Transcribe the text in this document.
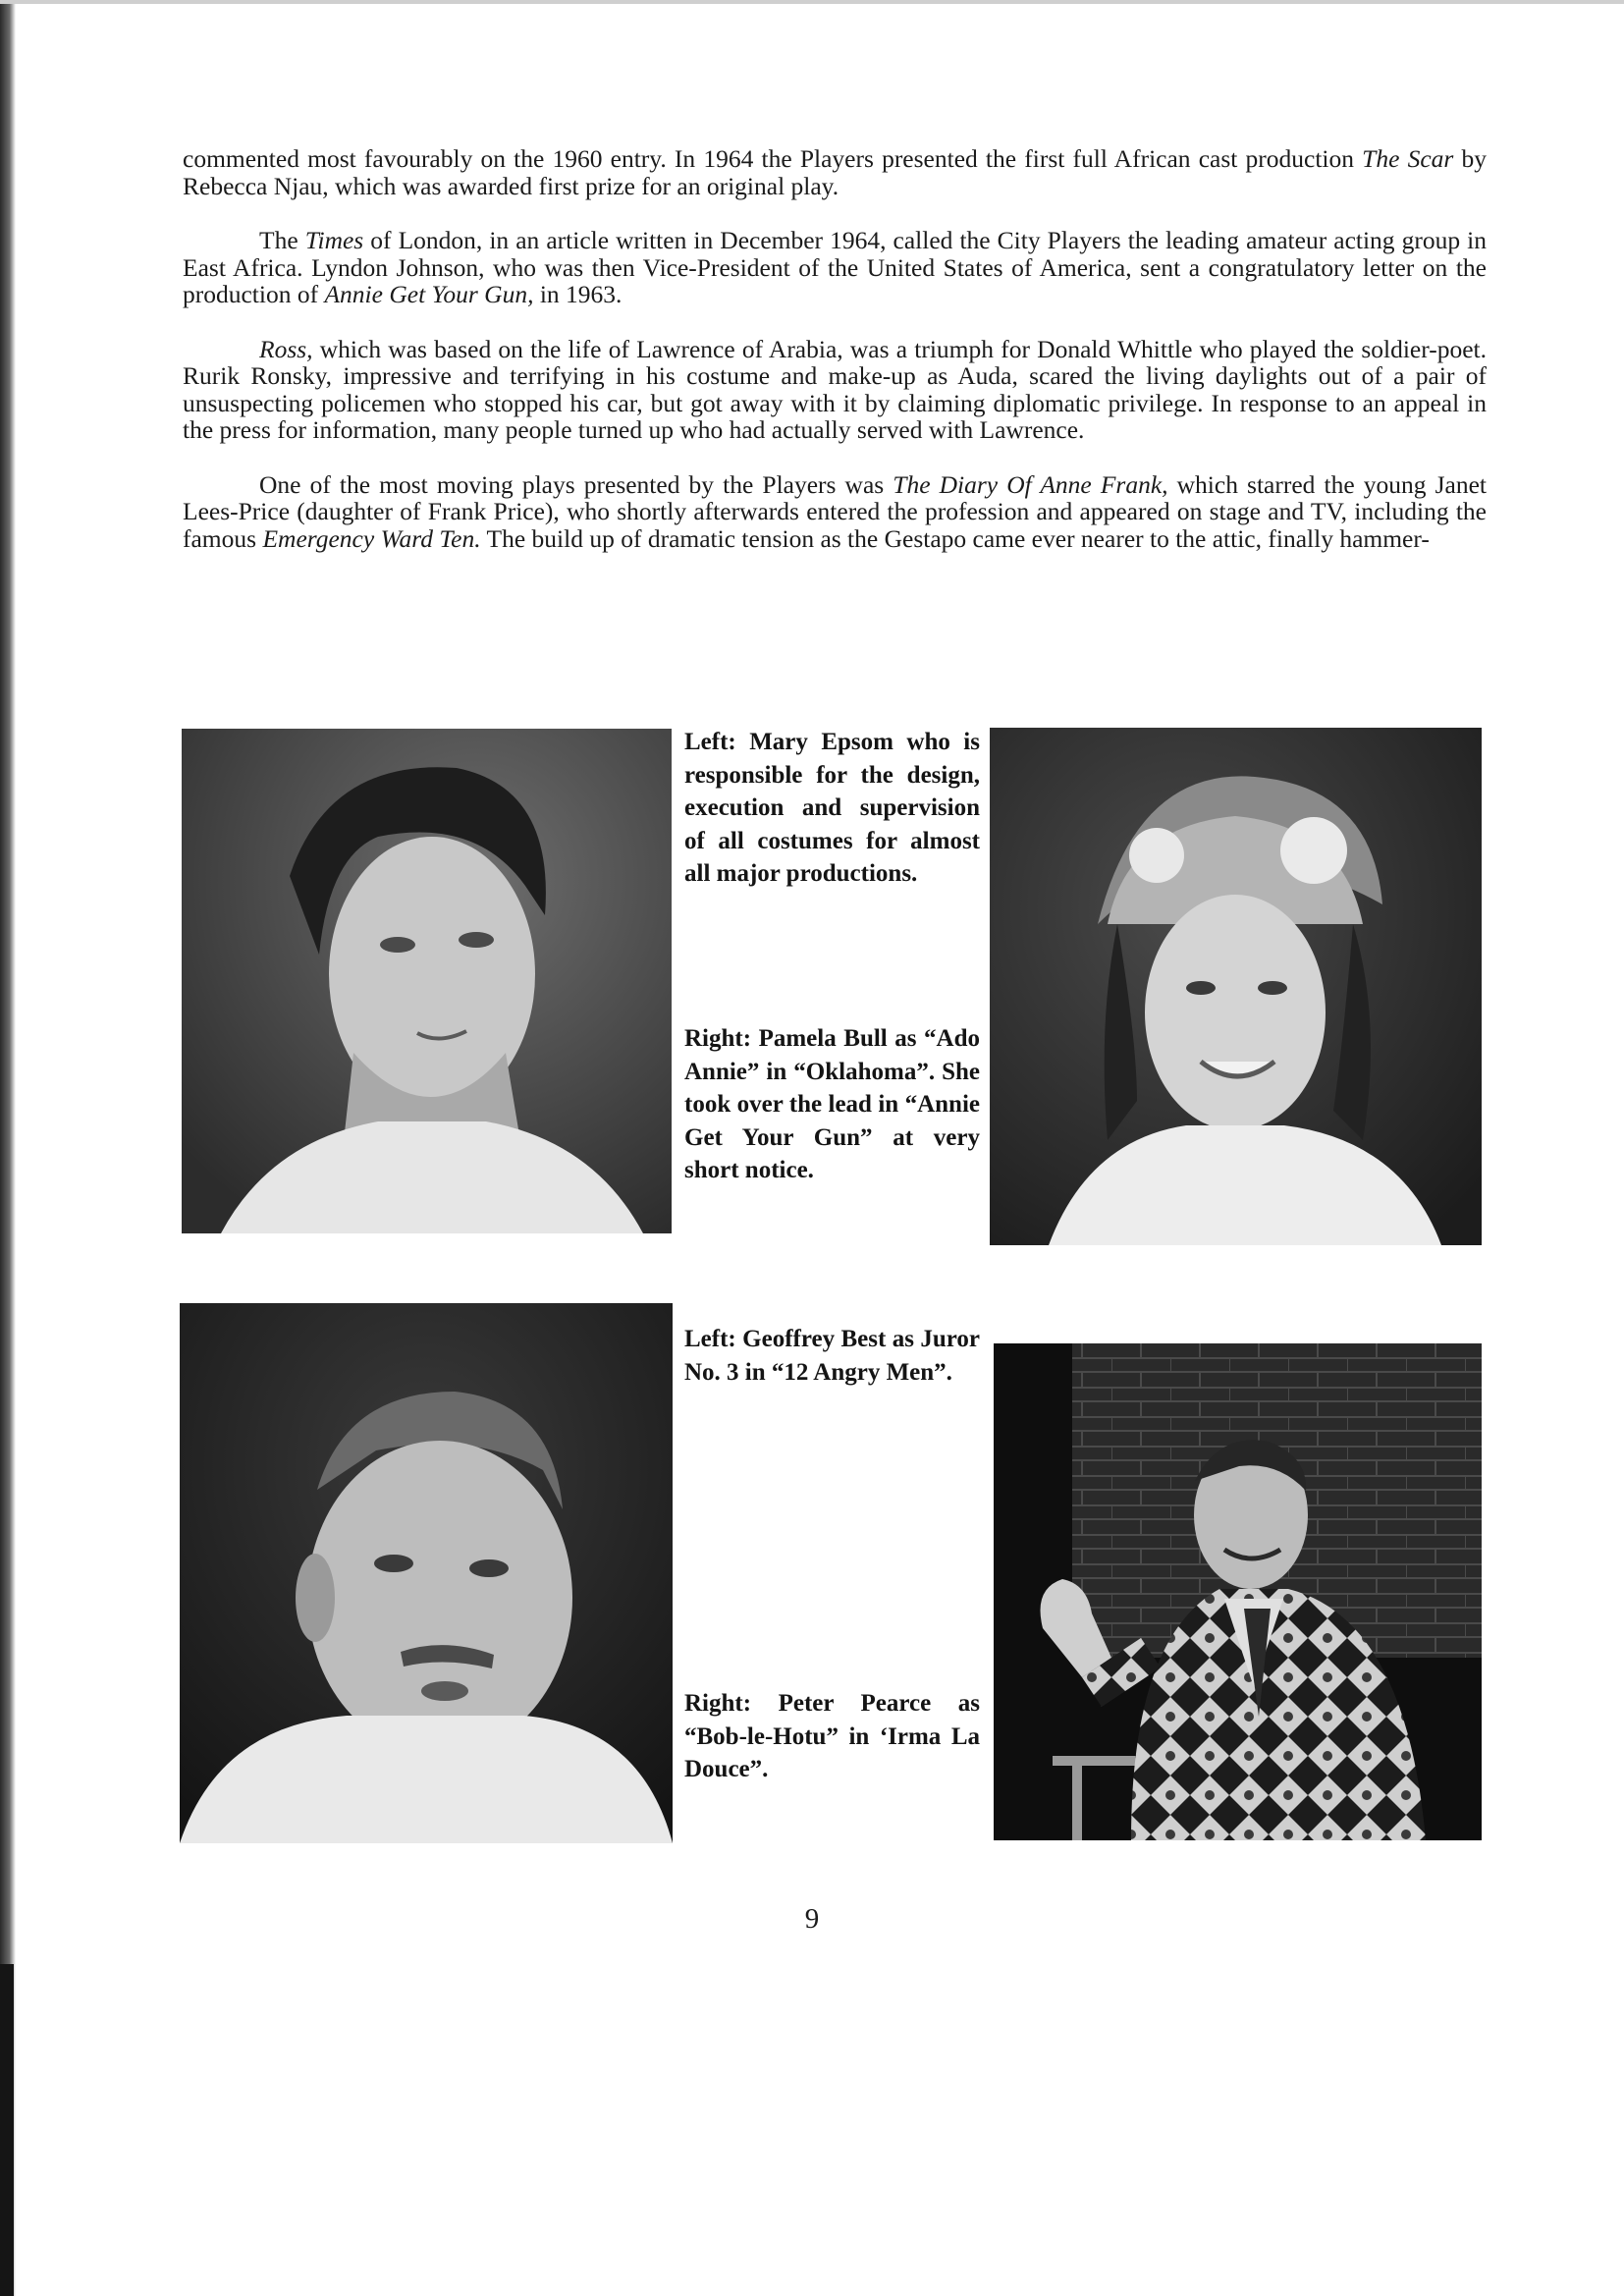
commented most favourably on the 1960 entry. In 1964 the Players presented the first full African cast production The Scar by Rebecca Njau, which was awarded first prize for an original play.

The Times of London, in an article written in December 1964, called the City Players the leading amateur acting group in East Africa. Lyndon Johnson, who was then Vice-President of the United States of America, sent a congratulatory letter on the production of Annie Get Your Gun, in 1963.

Ross, which was based on the life of Lawrence of Arabia, was a triumph for Donald Whittle who played the soldier-poet. Rurik Ronsky, impressive and terrifying in his costume and make-up as Auda, scared the living daylights out of a pair of unsuspecting policemen who stopped his car, but got away with it by claiming diplomatic privilege. In response to an appeal in the press for information, many people turned up who had actually served with Lawrence.

One of the most moving plays presented by the Players was The Diary Of Anne Frank, which starred the young Janet Lees-Price (daughter of Frank Price), who shortly afterwards entered the profession and appeared on stage and TV, including the famous Emergency Ward Ten. The build up of dramatic tension as the Gestapo came ever nearer to the attic, finally hammer-

Left: Mary Epsom who is responsible for the design, execution and supervision of all costumes for almost all major productions.
Right: Pamela Bull as “Ado Annie” in “Oklahoma”. She took over the lead in “Annie Get Your Gun” at very short notice.
Left: Geoffrey Best as Juror No. 3 in “12 Angry Men”.
Right: Peter Pearce as “Bob-le-Hotu” in ‘Irma La Douce”.
9
